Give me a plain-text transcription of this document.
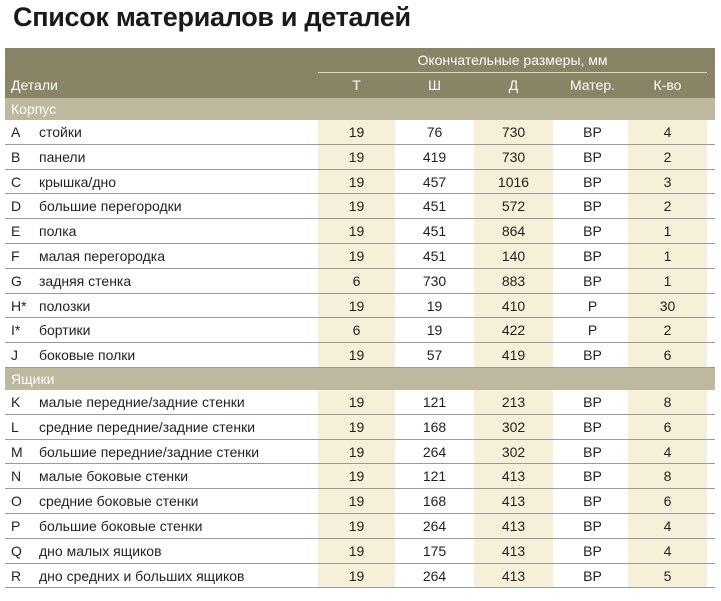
Список материалов и деталей
Окончательные размеры, мм
Детали	Т	Ш	Д	Матер.	К-во
Корпус
A	стойки	19	76	730	ВР	4
B	панели	19	419	730	ВР	2
C	крышка/дно	19	457	1016	ВР	3
D	большие перегородки	19	451	572	ВР	2
E	полка	19	451	864	ВР	1
F	малая перегородка	19	451	140	ВР	1
G	задняя стенка	6	730	883	ВР	1
H* полозки	19	19	410	Р	30
I*	бортики	6	19	422	Р	2
J	боковые полки	19	57	419	ВР	6
Ящики
K	малые передние/задние стенки	19	121	213	ВР	8
L	средние передние/задние стенки	19	168	302	ВР	6
M	большие передние/задние стенки	19	264	302	ВР	4
N	малые боковые стенки	19	121	413	ВР	8
O	средние боковые стенки	19	168	413	ВР	6
P	большие боковые стенки	19	264	413	ВР	4
Q	дно малых ящиков	19	175	413	ВР	4
R	дно средних и больших ящиков	19	264	413	ВР	5
